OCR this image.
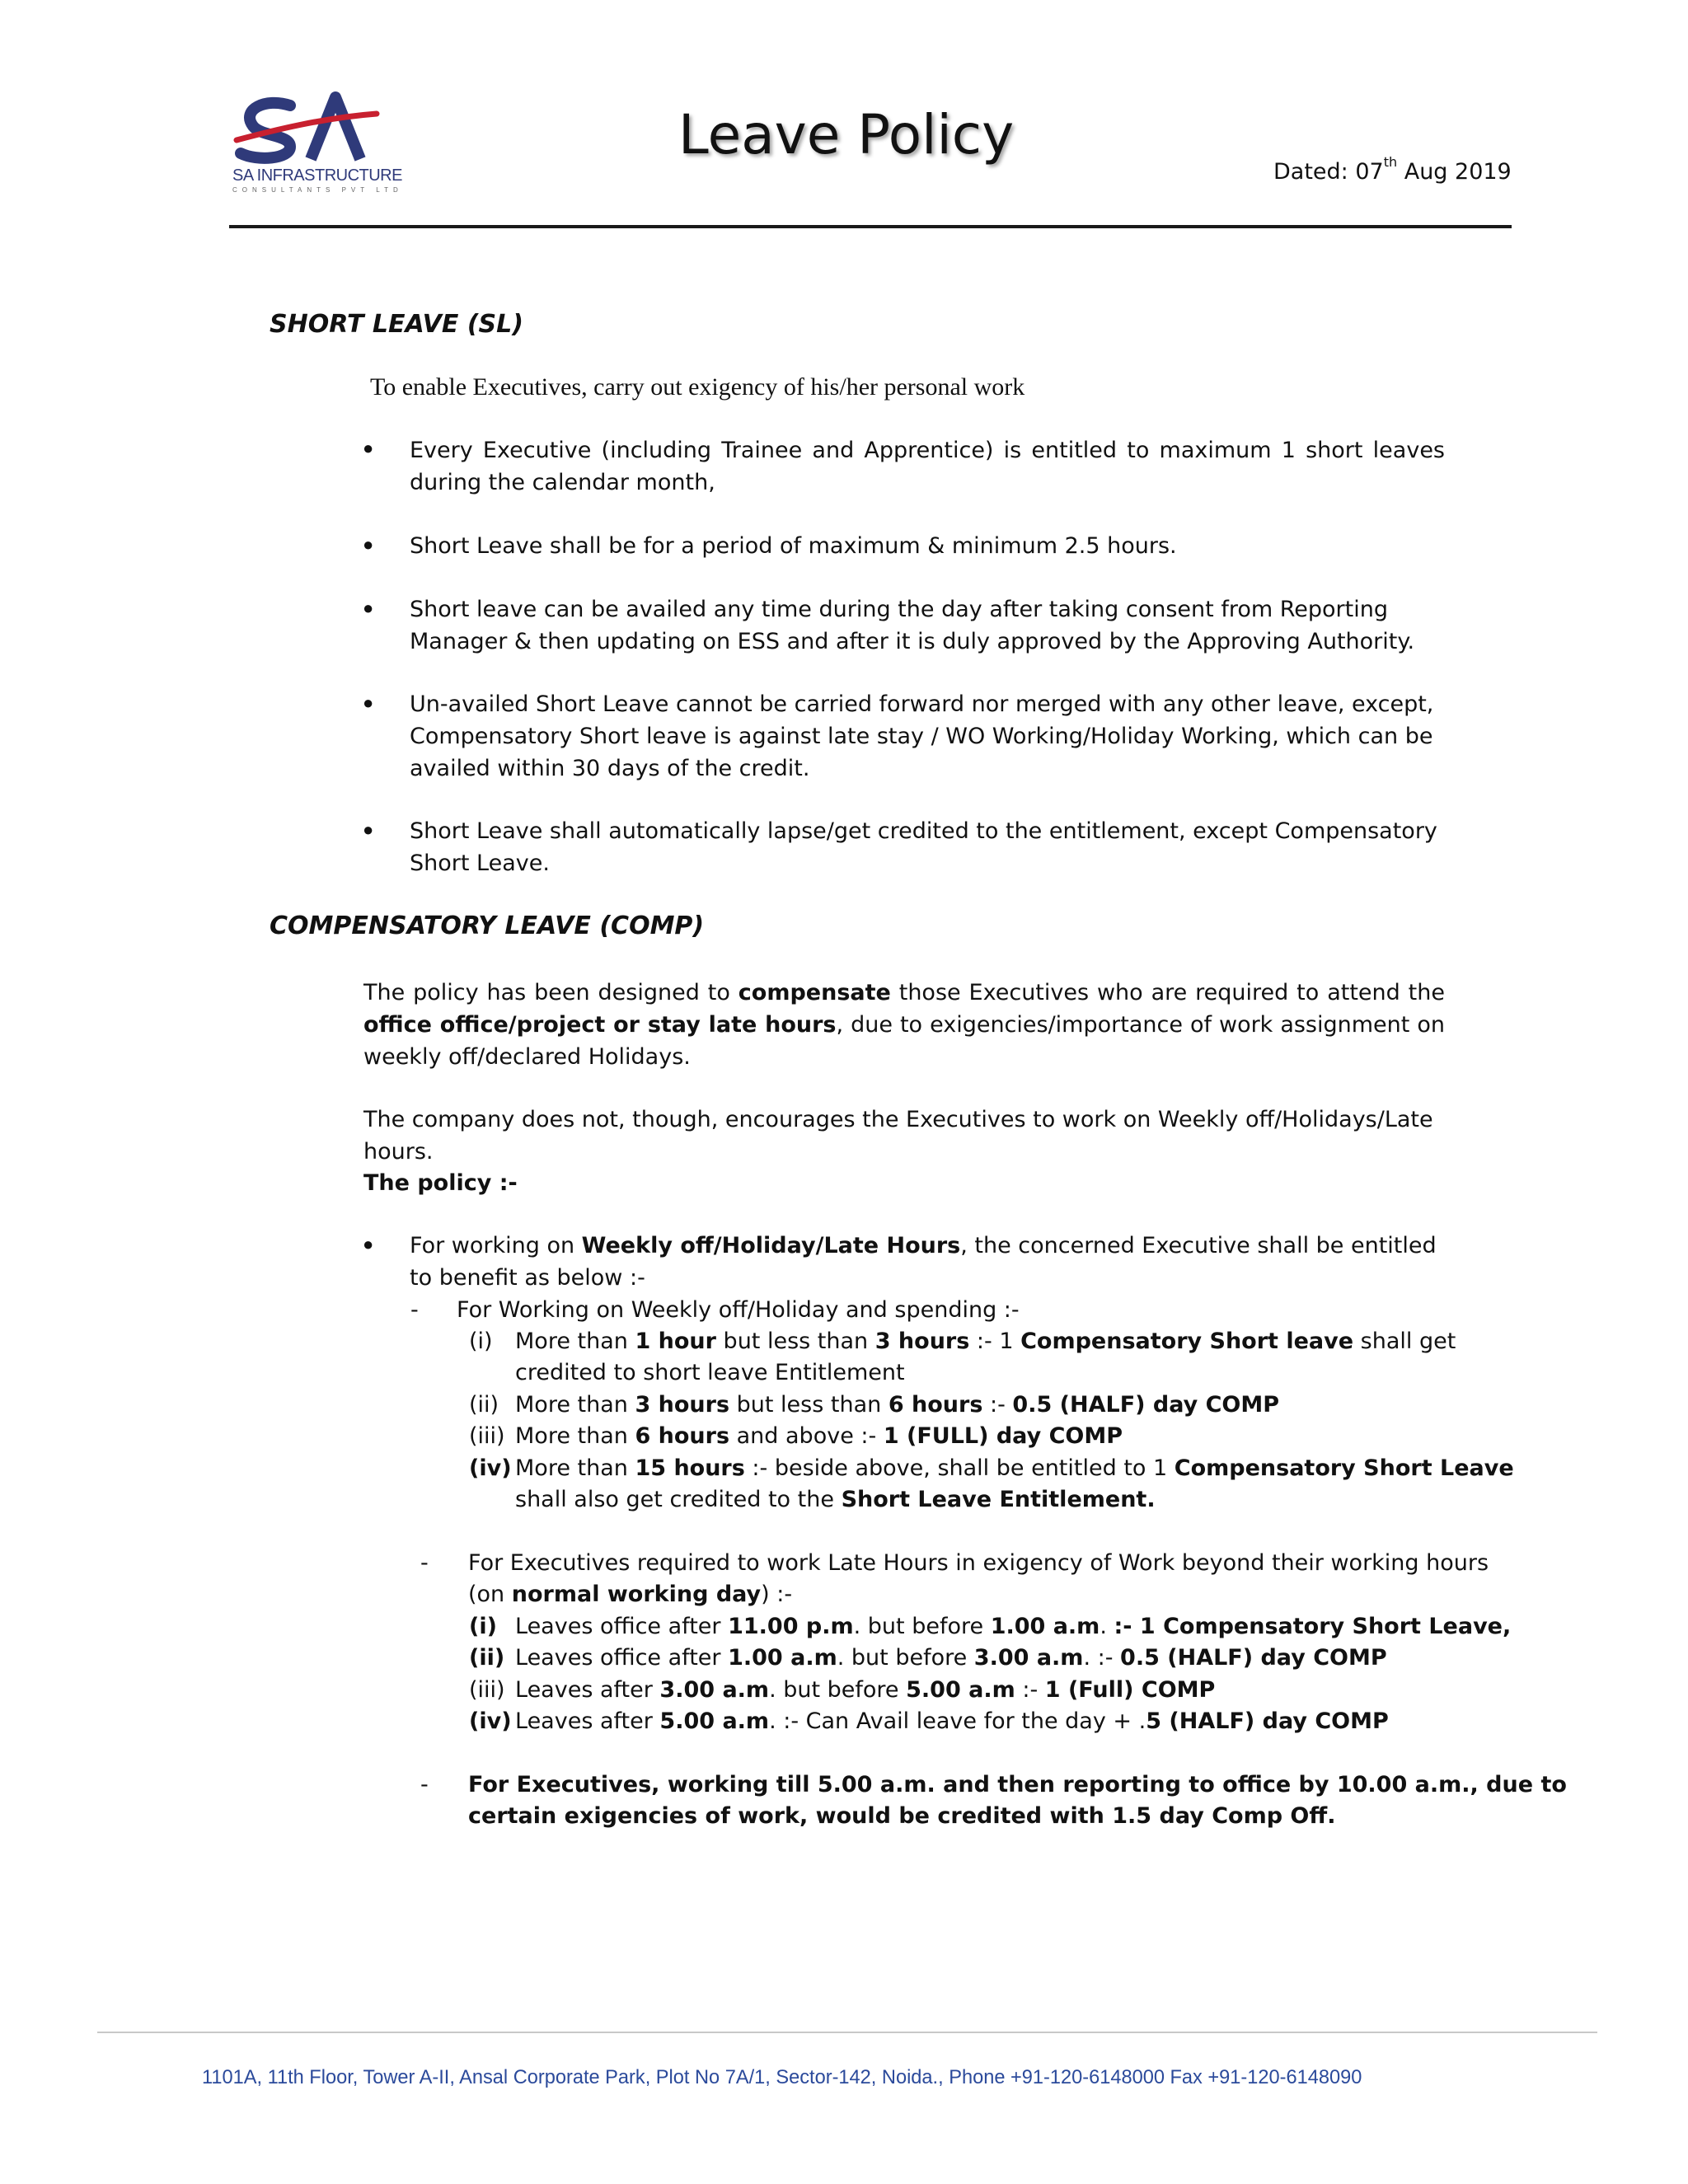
SA INFRASTRUCTURE
CONSULTANTS PVT LTD
Leave Policy
Dated: 07th Aug 2019
SHORT LEAVE (SL)
To enable Executives, carry out exigency of his/her personal work
● Every Executive (including Trainee and Apprentice) is entitled to maximum 1 short leaves during the calendar month,
● Short Leave shall be for a period of maximum & minimum 2.5 hours.
● Short leave can be availed any time during the day after taking consent from Reporting Manager & then updating on ESS and after it is duly approved by the Approving Authority.
● Un-availed Short Leave cannot be carried forward nor merged with any other leave, except, Compensatory Short leave is against late stay / WO Working/Holiday Working, which can be availed within 30 days of the credit.
● Short Leave shall automatically lapse/get credited to the entitlement, except Compensatory Short Leave.
COMPENSATORY LEAVE (COMP)
The policy has been designed to compensate those Executives who are required to attend the office office/project or stay late hours, due to exigencies/importance of work assignment on weekly off/declared Holidays.
The company does not, though, encourages the Executives to work on Weekly off/Holidays/Late hours.
The policy :-
● For working on Weekly off/Holiday/Late Hours, the concerned Executive shall be entitled to benefit as below :-
- For Working on Weekly off/Holiday and spending :-
(i) More than 1 hour but less than 3 hours :- 1 Compensatory Short leave shall get
credited to short leave Entitlement
(ii) More than 3 hours but less than 6 hours :- 0.5 (HALF) day COMP
(iii) More than 6 hours and above :- 1 (FULL) day COMP
(iv) More than 15 hours :- beside above, shall be entitled to 1 Compensatory Short Leave
shall also get credited to the Short Leave Entitlement.
- For Executives required to work Late Hours in exigency of Work beyond their working hours
(on normal working day) :-
(i) Leaves office after 11.00 p.m. but before 1.00 a.m. :- 1 Compensatory Short Leave,
(ii) Leaves office after 1.00 a.m. but before 3.00 a.m. :- 0.5 (HALF) day COMP
(iii) Leaves after 3.00 a.m. but before 5.00 a.m :- 1 (Full) COMP
(iv) Leaves after 5.00 a.m. :- Can Avail leave for the day + .5 (HALF) day COMP
- For Executives, working till 5.00 a.m. and then reporting to office by 10.00 a.m., due to
certain exigencies of work, would be credited with 1.5 day Comp Off.
1101A, 11th Floor, Tower A-II, Ansal Corporate Park, Plot No 7A/1, Sector-142, Noida., Phone +91-120-6148000 Fax +91-120-6148090
